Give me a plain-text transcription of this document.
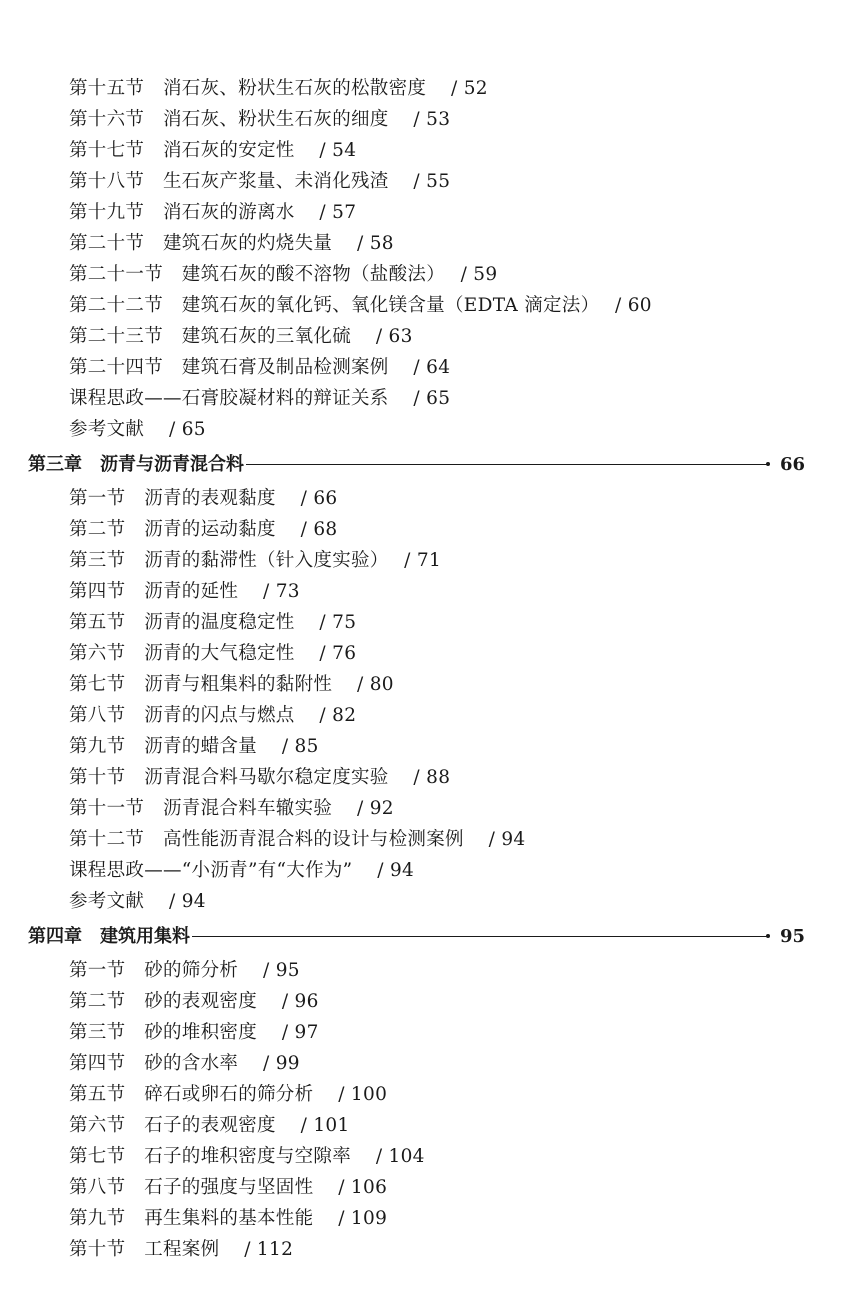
第十五节　消石灰、粉状生石灰的松散密度　 / 52
第十六节　消石灰、粉状生石灰的细度　 / 53
第十七节　消石灰的安定性　 / 54
第十八节　生石灰产浆量、未消化残渣　 / 55
第十九节　消石灰的游离水　 / 57
第二十节　建筑石灰的灼烧失量　 / 58
第二十一节　建筑石灰的酸不溶物（盐酸法）　 / 59
第二十二节　建筑石灰的氧化钙、氧化镁含量（EDTA 滴定法）　 / 60
第二十三节　建筑石灰的三氧化硫　 / 63
第二十四节　建筑石膏及制品检测案例　 / 64
课程思政——石膏胶凝材料的辩证关系　 / 65
参考文献　 / 65
第三章 沥青与沥青混合料	66
第一节　沥青的表观黏度　 / 66
第二节　沥青的运动黏度　 / 68
第三节　沥青的黏滞性（针入度实验）　 / 71
第四节　沥青的延性　 / 73
第五节　沥青的温度稳定性　 / 75
第六节　沥青的大气稳定性　 / 76
第七节　沥青与粗集料的黏附性　 / 80
第八节　沥青的闪点与燃点　 / 82
第九节　沥青的蜡含量　 / 85
第十节　沥青混合料马歇尔稳定度实验　 / 88
第十一节　沥青混合料车辙实验　 / 92
第十二节　高性能沥青混合料的设计与检测案例　 / 94
课程思政——“小沥青”有“大作为”　 / 94
参考文献　 / 94
第四章 建筑用集料	95
第一节　砂的筛分析　 / 95
第二节　砂的表观密度　 / 96
第三节　砂的堆积密度　 / 97
第四节　砂的含水率　 / 99
第五节　碎石或卵石的筛分析　 / 100
第六节　石子的表观密度　 / 101
第七节　石子的堆积密度与空隙率　 / 104
第八节　石子的强度与坚固性　 / 106
第九节　再生集料的基本性能　 / 109
第十节　工程案例　 / 112
